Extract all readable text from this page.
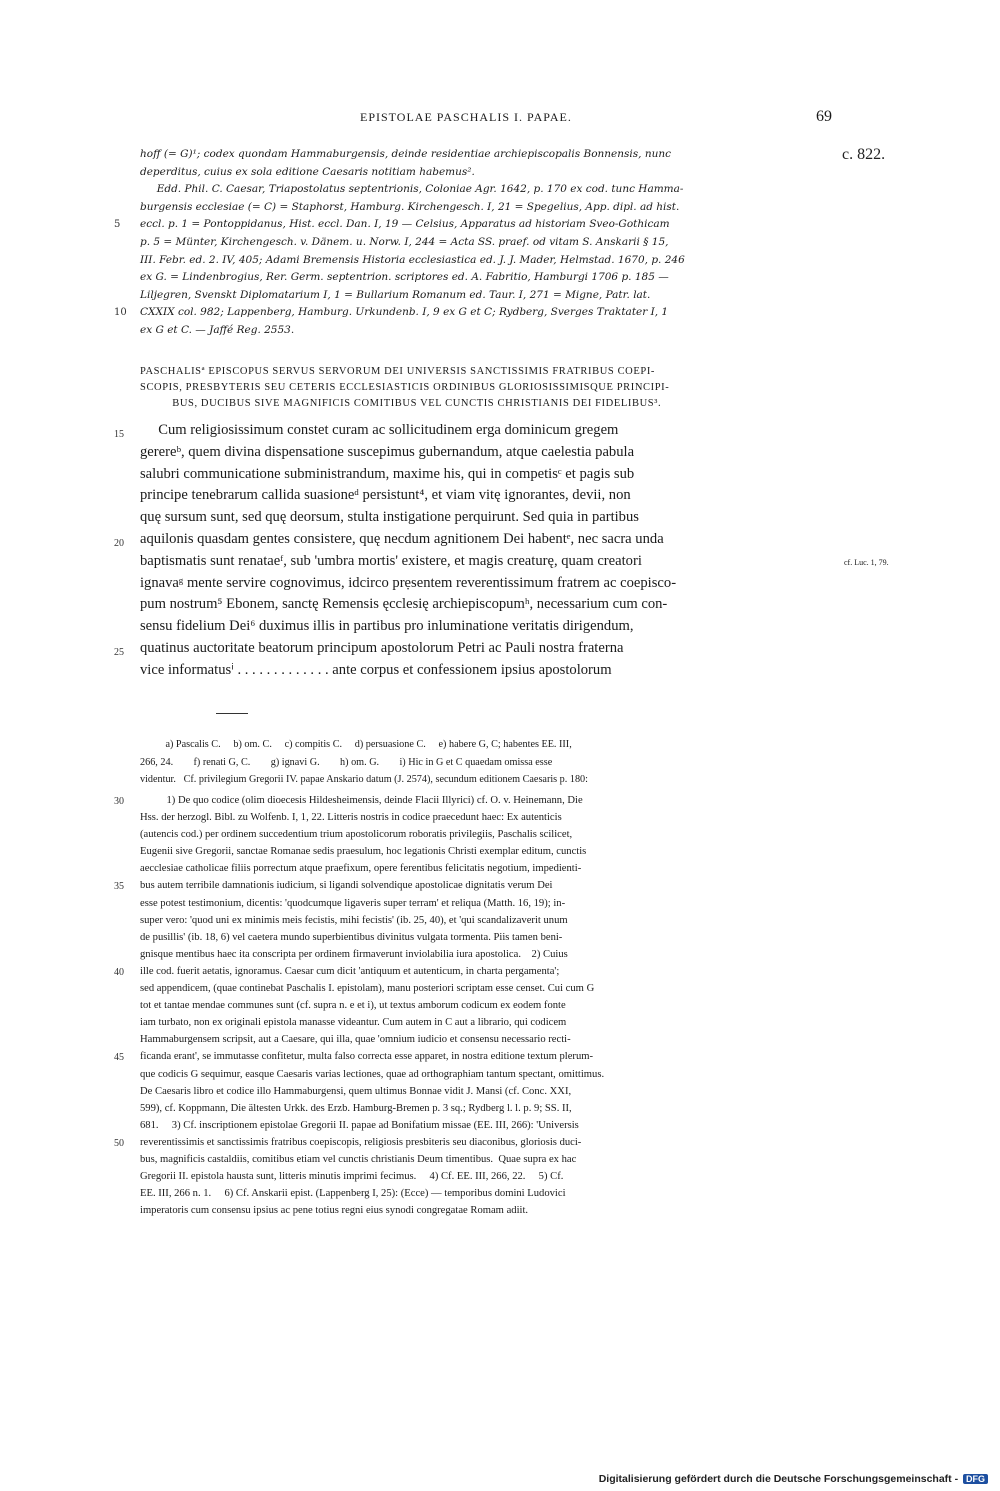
EPISTOLAE PASCHALIS I. PAPAE.	69
c. 822.
hoff (= G)¹; codex quondam Hammaburgensis, deinde residentiae archiepiscopalis Bonnensis, nunc
deperditus, cuius ex sola editione Caesaris notitiam habemus².
Edd. Phil. C. Caesar, Triapostolatus septentrionis, Coloniae Agr. 1642, p. 170 ex cod. tunc Hamma-
burgensis ecclesiae (= C) = Staphorst, Hamburg. Kirchengesch. I, 21 = Spegelius, App. dipl. ad hist.
5	eccl. p. 1 = Pontoppidanus, Hist. eccl. Dan. I, 19 — Celsius, Apparatus ad historiam Sveo-Gothicam
p. 5 = Münter, Kirchengesch. v. Dänem. u. Norw. I, 244 = Acta SS. praef. od vitam S. Anskarii § 15,
III. Febr. ed. 2. IV, 405; Adami Bremensis Historia ecclesiastica ed. J. J. Mader, Helmstad. 1670, p. 246
ex G. = Lindenbrogius, Rer. Germ. septentrion. scriptores ed. A. Fabritio, Hamburgi 1706 p. 185 —
Liljegren, Svenskt Diplomatarium I, 1 = Bullarium Romanum ed. Taur. I, 271 = Migne, Patr. lat.
10	CXXIX col. 982; Lappenberg, Hamburg. Urkundenb. I, 9 ex G et C; Rydberg, Sverges Traktater I, 1
ex G et C. — Jaffé Reg. 2553.
PASCHALISª EPISCOPUS SERVUS SERVORUM DEI UNIVERSIS SANCTISSIMIS FRATRIBUS COEPI-
SCOPIS, PRESBYTERIS SEU CETERIS ECCLESIASTICIS ORDINIBUS GLORIOSISSIMISQUE PRINCIPI-
BUS, DUCIBUS SIVE MAGNIFICIS COMITIBUS VEL CUNCTIS CHRISTIANIS DEI FIDELIBUS³.
15	Cum religiosissimum constet curam ac sollicitudinem erga dominicum gregem
gerereᵇ, quem divina dispensatione suscepimus gubernandum, atque caelestia pabula
salubri communicatione subministrandum, maxime his, qui in competisᶜ et pagis sub
principe tenebrarum callida suasioneᵈ persistunt⁴, et viam vitę ignorantes, devii, non
quę sursum sunt, sed quę deorsum, stulta instigatione perquirunt. Sed quia in partibus
20	aquilonis quasdam gentes consistere, quę necdum agnitionem Dei habentᵉ, nec sacra unda
baptismatis sunt renataeᶠ, sub 'umbra mortis' existere, et magis creaturę, quam creatori
ignavaᵍ mente servire cognovimus, idcirco prẹsentem reverentissimum fratrem ac coepisco-
pum nostrum⁵ Ebonem, sanctę Remensis ęcclesię archiepiscopumʰ, necessarium cum con-
sensu fidelium Dei⁶ duximus illis in partibus pro inluminatione veritatis dirigendum,
25	quatinus auctoritate beatorum principum apostolorum Petri ac Pauli nostra fraterna
vice informatusⁱ . . . . . . . . . . . . . ante corpus et confessionem ipsius apostolorum
cf. Luc. 1, 79.
a) Pascalis C.     b) om. C.     c) compitis C.     d) persuasione C.     e) habere G, C; habentes EE. III,
266, 24.        f) renati G, C.        g) ignavi G.        h) om. G.        i) Hic in G et C quaedam omissa esse
videntur.   Cf. privilegium Gregorii IV. papae Anskario datum (J. 2574), secundum editionem Caesaris p. 180:
30	1) De quo codice (olim dioecesis Hildesheimensis, deinde Flacii Illyrici) cf. O. v. Heinemann, Die
Hss. der herzogl. Bibl. zu Wolfenb. I, 1, 22. Litteris nostris in codice praecedunt haec: Ex autenticis
(autencis cod.) per ordinem succedentium trium apostolicorum roboratis privilegiis, Paschalis scilicet,
Eugenii sive Gregorii, sanctae Romanae sedis praesulum, hoc legationis Christi exemplar editum, cunctis
aecclesiae catholicae filiis porrectum atque praefixum, opere ferentibus felicitatis negotium, impedienti-
35	bus autem terribile damnationis iudicium, si ligandi solvendique apostolicae dignitatis verum Dei
esse potest testimonium, dicentis: 'quodcumque ligaveris super terram' et reliqua (Matth. 16, 19); in-
super vero: 'quod uni ex minimis meis fecistis, mihi fecistis' (ib. 25, 40), et 'qui scandalizaverit unum
de pusillis' (ib. 18, 6) vel caetera mundo superbientibus divinitus vulgata tormenta. Piis tamen beni-
gnisque mentibus haec ita conscripta per ordinem firmaverunt inviolabilia iura apostolica.    2) Cuius
40	ille cod. fuerit aetatis, ignoramus. Caesar cum dicit 'antiquum et autenticum, in charta pergamenta';
sed appendicem, (quae continebat Paschalis I. epistolam), manu posteriori scriptam esse censet. Cui cum G
tot et tantae mendae communes sunt (cf. supra n. e et i), ut textus amborum codicum ex eodem fonte
iam turbato, non ex originali epistola manasse videantur. Cum autem in C aut a librario, qui codicem
Hammaburgensem scripsit, aut a Caesare, qui illa, quae 'omnium iudicio et consensu necessario recti-
45	ficanda erant', se immutasse confitetur, multa falso correcta esse apparet, in nostra editione textum plerum-
que codicis G sequimur, easque Caesaris varias lectiones, quae ad orthographiam tantum spectant, omittimus.
De Caesaris libro et codice illo Hammaburgensi, quem ultimus Bonnae vidit J. Mansi (cf. Conc. XXI,
599), cf. Koppmann, Die ältesten Urkk. des Erzb. Hamburg-Bremen p. 3 sq.; Rydberg l. l. p. 9; SS. II,
681.     3) Cf. inscriptionem epistolae Gregorii II. papae ad Bonifatium missae (EE. III, 266): 'Universis
50	reverentissimis et sanctissimis fratribus coepiscopis, religiosis presbiteris seu diaconibus, gloriosis duci-
bus, magnificis castaldiis, comitibus etiam vel cunctis christianis Deum timentibus.  Quae supra ex hac
Gregorii II. epistola hausta sunt, litteris minutis imprimi fecimus.     4) Cf. EE. III, 266, 22.     5) Cf.
EE. III, 266 n. 1.     6) Cf. Anskarii epist. (Lappenberg I, 25): (Ecce) — temporibus domini Ludovici
imperatoris cum consensu ipsius ac pene totius regni eius synodi congregatae Romam adiit.
Digitalisierung gefördert durch die Deutsche Forschungsgemeinschaft - DFG
